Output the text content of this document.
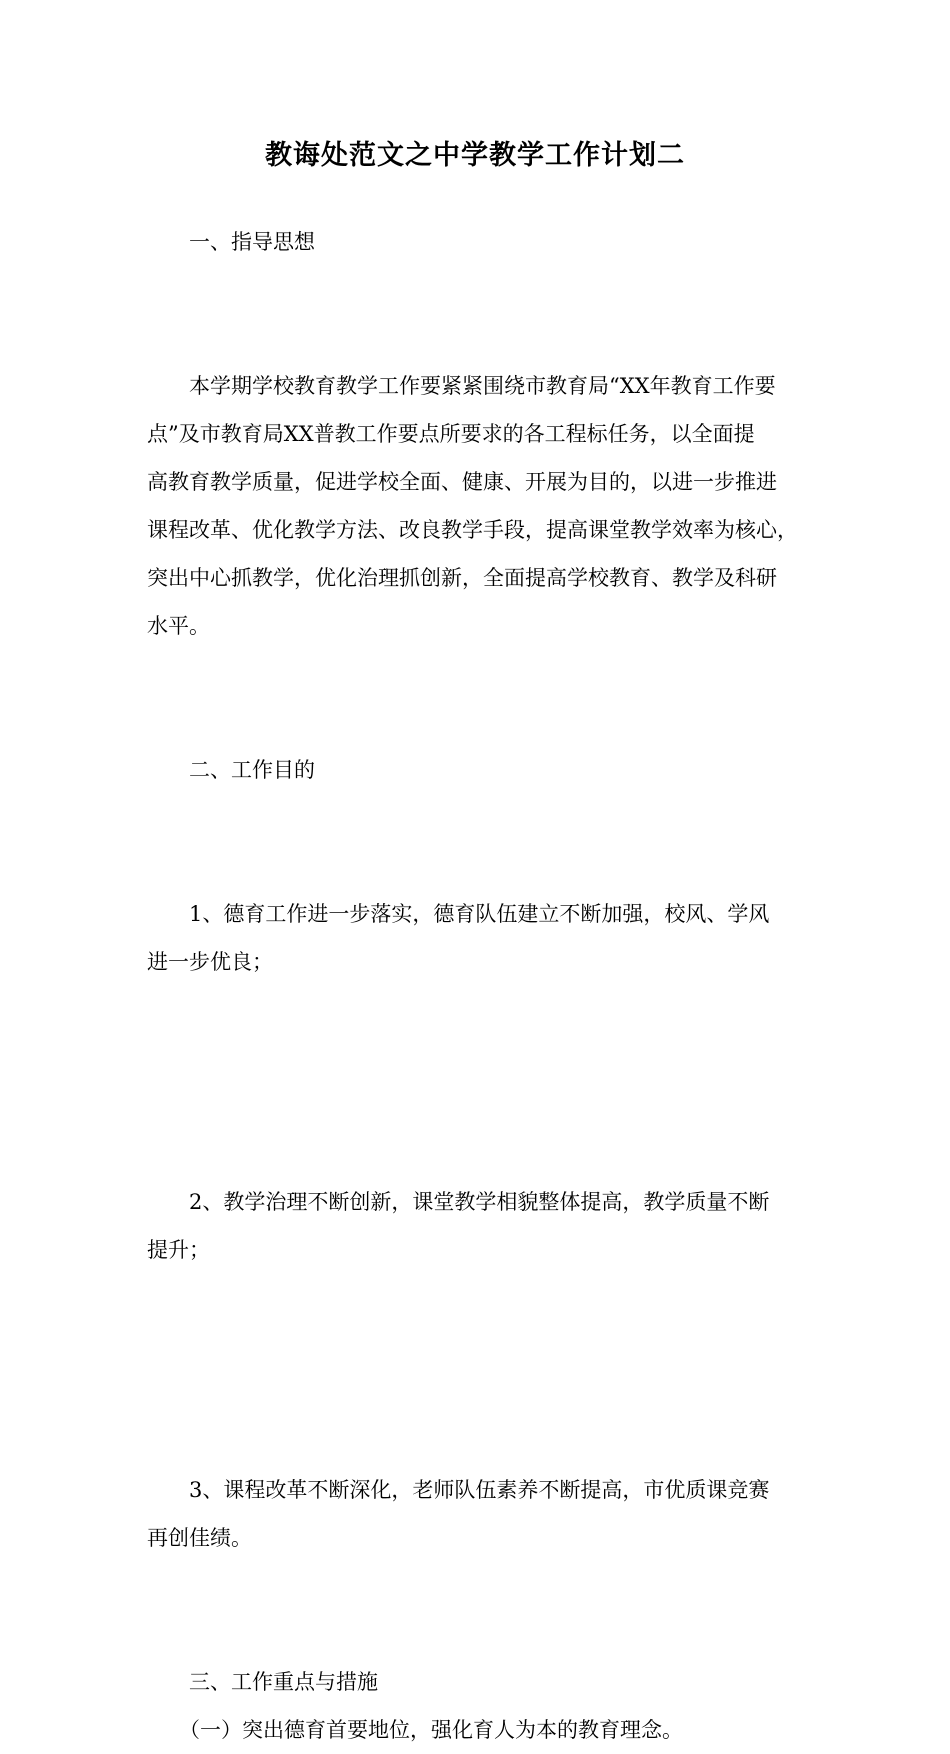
教诲处范文之中学教学工作计划二

一、指导思想

本学期学校教育教学工作要紧紧围绕市教育局“XX年教育工作要
点”及市教育局XX普教工作要点所要求的各工程标任务，以全面提
高教育教学质量，促进学校全面、健康、开展为目的，以进一步推进
课程改革、优化教学方法、改良教学手段，提高课堂教学效率为核心，
突出中心抓教学，优化治理抓创新，全面提高学校教育、教学及科研
水平。

二、工作目的

1、德育工作进一步落实，德育队伍建立不断加强，校风、学风
进一步优良；

2、教学治理不断创新，课堂教学相貌整体提高，教学质量不断
提升；

3、课程改革不断深化，老师队伍素养不断提高，市优质课竞赛
再创佳绩。

三、工作重点与措施

（一）突出德育首要地位，强化育人为本的教育理念。
